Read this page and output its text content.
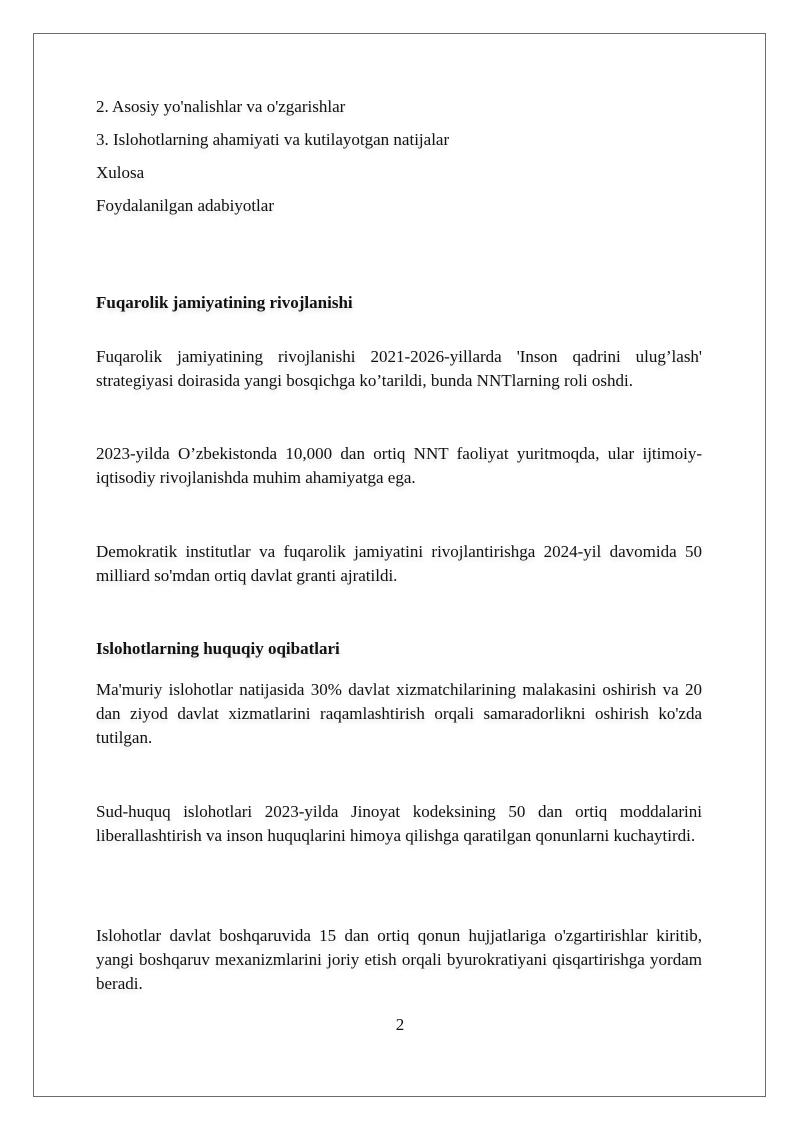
2. Asosiy yo'nalishlar va o'zgarishlar
3. Islohotlarning ahamiyati va kutilayotgan natijalar
Xulosa
Foydalanilgan adabiyotlar
Fuqarolik jamiyatining rivojlanishi
Fuqarolik jamiyatining rivojlanishi 2021-2026-yillarda 'Inson qadrini ulug’lash' strategiyasi doirasida yangi bosqichga ko’tarildi, bunda NNTlarning roli oshdi.
2023-yilda O’zbekistonda 10,000 dan ortiq NNT faoliyat yuritmoqda, ular ijtimoiy-iqtisodiy rivojlanishda muhim ahamiyatga ega.
Demokratik institutlar va fuqarolik jamiyatini rivojlantirishga 2024-yil davomida 50 milliard so'mdan ortiq davlat granti ajratildi.
Islohotlarning huquqiy oqibatlari
Ma'muriy islohotlar natijasida 30% davlat xizmatchilarining malakasini oshirish va 20 dan ziyod davlat xizmatlarini raqamlashtirish orqali samaradorlikni oshirish ko'zda tutilgan.
Sud-huquq islohotlari 2023-yilda Jinoyat kodeksining 50 dan ortiq moddalarini liberallashtirish va inson huquqlarini himoya qilishga qaratilgan qonunlarni kuchaytirdi.
Islohotlar davlat boshqaruvida 15 dan ortiq qonun hujjatlariga o'zgartirishlar kiritib, yangi boshqaruv mexanizmlarini joriy etish orqali byurokratiyani qisqartirishga yordam beradi.
2
